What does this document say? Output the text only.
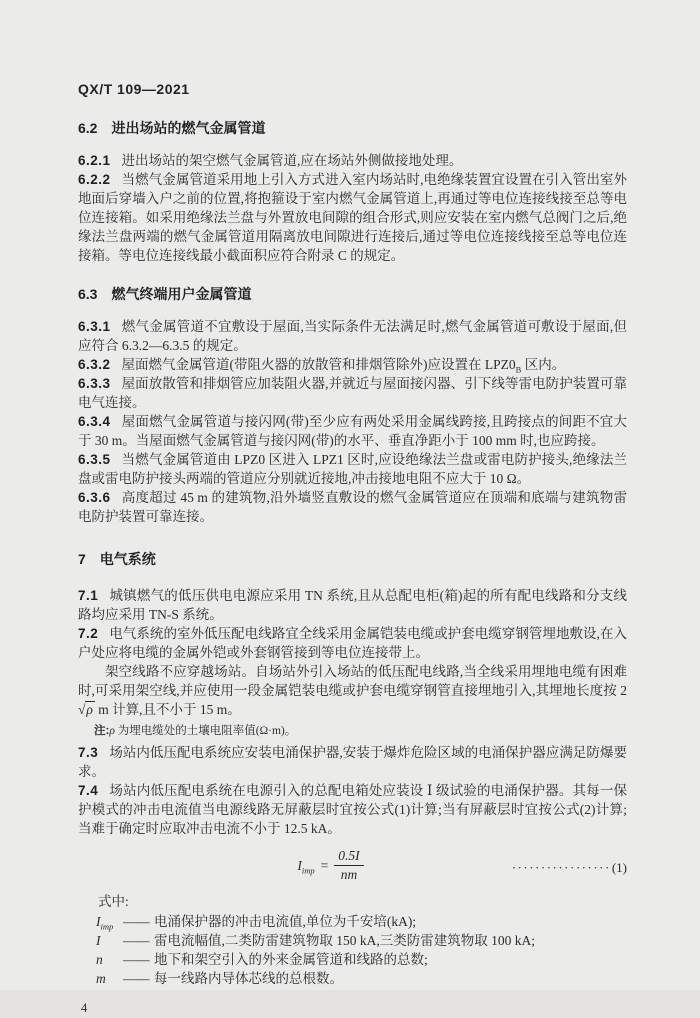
QX/T 109—2021
6.2 进出场站的燃气金属管道

6.2.1 进出场站的架空燃气金属管道,应在场站外侧做接地处理。

6.2.2 当燃气金属管道采用地上引入方式进入室内场站时,电绝缘装置宜设置在引入管出室外地面后穿墙入户之前的位置,将抱箍设于室内燃气金属管道上,再通过等电位连接线接至总等电位连接箱。如采用绝缘法兰盘与外置放电间隙的组合形式,则应安装在室内燃气总阀门之后,绝缘法兰盘两端的燃气金属管道用隔离放电间隙进行连接后,通过等电位连接线接至总等电位连接箱。等电位连接线最小截面积应符合附录 C 的规定。

6.3 燃气终端用户金属管道

6.3.1 燃气金属管道不宜敷设于屋面,当实际条件无法满足时,燃气金属管道可敷设于屋面,但应符合 6.3.2—6.3.5 的规定。

6.3.2 屋面燃气金属管道(带阻火器的放散管和排烟管除外)应设置在 $LPZ0_B$ 区内。

6.3.3 屋面放散管和排烟管应加装阻火器,并就近与屋面接闪器、引下线等雷电防护装置可靠电气连接。

6.3.4 屋面燃气金属管道与接闪网(带)至少应有两处采用金属线跨接,且跨接点的间距不宜大于 30 m。当屋面燃气金属管道与接闪网(带)的水平、垂直净距小于 100 mm 时,也应跨接。

6.3.5 当燃气金属管道由 LPZ0 区进入 LPZ1 区时,应设绝缘法兰盘或雷电防护接头,绝缘法兰盘或雷电防护接头两端的管道应分别就近接地,冲击接地电阻不应大于 10 Ω。

6.3.6 高度超过 45 m 的建筑物,沿外墙竖直敷设的燃气金属管道应在顶端和底端与建筑物雷电防护装置可靠连接。

7 电气系统

7.1 城镇燃气的低压供电电源应采用 TN 系统,且从总配电柜(箱)起的所有配电线路和分支线路均应采用 TN-S 系统。

7.2 电气系统的室外低压配电线路宜全线采用金属铠装电缆或护套电缆穿钢管埋地敷设,在入户处应将电缆的金属外铠或外套钢管接到等电位连接带上。

架空线路不应穿越场站。自场站外引入场站的低压配电线路,当全线采用埋地电缆有困难时,可采用架空线,并应使用一段金属铠装电缆或护套电缆穿钢管直接埋地引入,其埋地长度按 2 √ρ m 计算,且不小于 15 m。

注:ρ 为埋电缆处的土壤电阻率值(Ω·m)。

7.3 场站内低压配电系统应安装电涌保护器,安装于爆炸危险区域的电涌保护器应满足防爆要求。

7.4 场站内低压配电系统在电源引入的总配电箱处应装设 Ⅰ 级试验的电涌保护器。其每一保护模式的冲击电流值当电源线路无屏蔽层时宜按公式(1)计算;当有屏蔽层时宜按公式(2)计算;当难于确定时应取冲击电流不小于 12.5 kA。

$I_{imp} = \frac{0.5I}{nm}$	·················(1)
式中:
$I_{imp}$ —— 电涌保护器的冲击电流值,单位为千安培(kA);
I	—— 雷电流幅值,二类防雷建筑物取 150 kA,三类防雷建筑物取 100 kA;
n	—— 地下和架空引入的外来金属管道和线路的总数;
m	—— 每一线路内导体芯线的总根数。
4
